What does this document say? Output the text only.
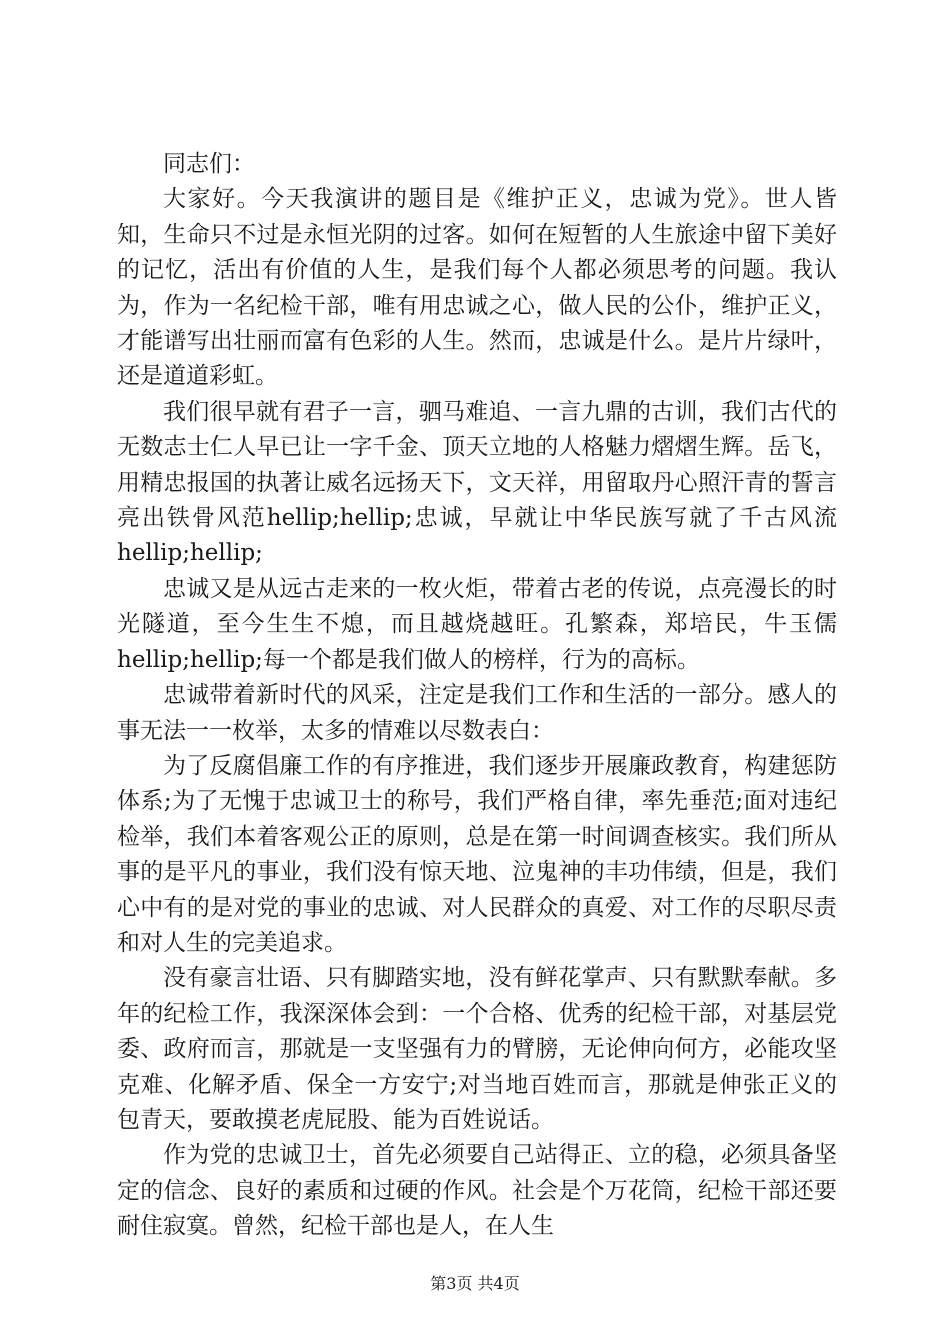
同志们：

大家好。今天我演讲的题目是《维护正义，忠诚为党》。世人皆知，生命只不过是永恒光阴的过客。如何在短暂的人生旅途中留下美好的记忆，活出有价值的人生，是我们每个人都必须思考的问题。我认为，作为一名纪检干部，唯有用忠诚之心，做人民的公仆，维护正义，才能谱写出壮丽而富有色彩的人生。然而，忠诚是什么。是片片绿叶，还是道道彩虹。

我们很早就有君子一言，驷马难追、一言九鼎的古训，我们古代的无数志士仁人早已让一字千金、顶天立地的人格魅力熠熠生辉。岳飞，用精忠报国的执著让威名远扬天下，文天祥，用留取丹心照汗青的誓言亮出铁骨风范hellip;hellip;忠诚，早就让中华民族写就了千古风流hellip;hellip;

忠诚又是从远古走来的一枚火炬，带着古老的传说，点亮漫长的时光隧道，至今生生不熄，而且越烧越旺。孔繁森，郑培民，牛玉儒hellip;hellip;每一个都是我们做人的榜样，行为的高标。

忠诚带着新时代的风采，注定是我们工作和生活的一部分。感人的事无法一一枚举，太多的情难以尽数表白：

为了反腐倡廉工作的有序推进，我们逐步开展廉政教育，构建惩防体系;为了无愧于忠诚卫士的称号，我们严格自律，率先垂范;面对违纪检举，我们本着客观公正的原则，总是在第一时间调查核实。我们所从事的是平凡的事业，我们没有惊天地、泣鬼神的丰功伟绩，但是，我们心中有的是对党的事业的忠诚、对人民群众的真爱、对工作的尽职尽责和对人生的完美追求。

没有豪言壮语、只有脚踏实地，没有鲜花掌声、只有默默奉献。多年的纪检工作，我深深体会到：一个合格、优秀的纪检干部，对基层党委、政府而言，那就是一支坚强有力的臂膀，无论伸向何方，必能攻坚克难、化解矛盾、保全一方安宁;对当地百姓而言，那就是伸张正义的包青天，要敢摸老虎屁股、能为百姓说话。

作为党的忠诚卫士，首先必须要自己站得正、立的稳，必须具备坚定的信念、良好的素质和过硬的作风。社会是个万花筒，纪检干部还要耐住寂寞。曾然，纪检干部也是人，在人生

第3页 共4页
